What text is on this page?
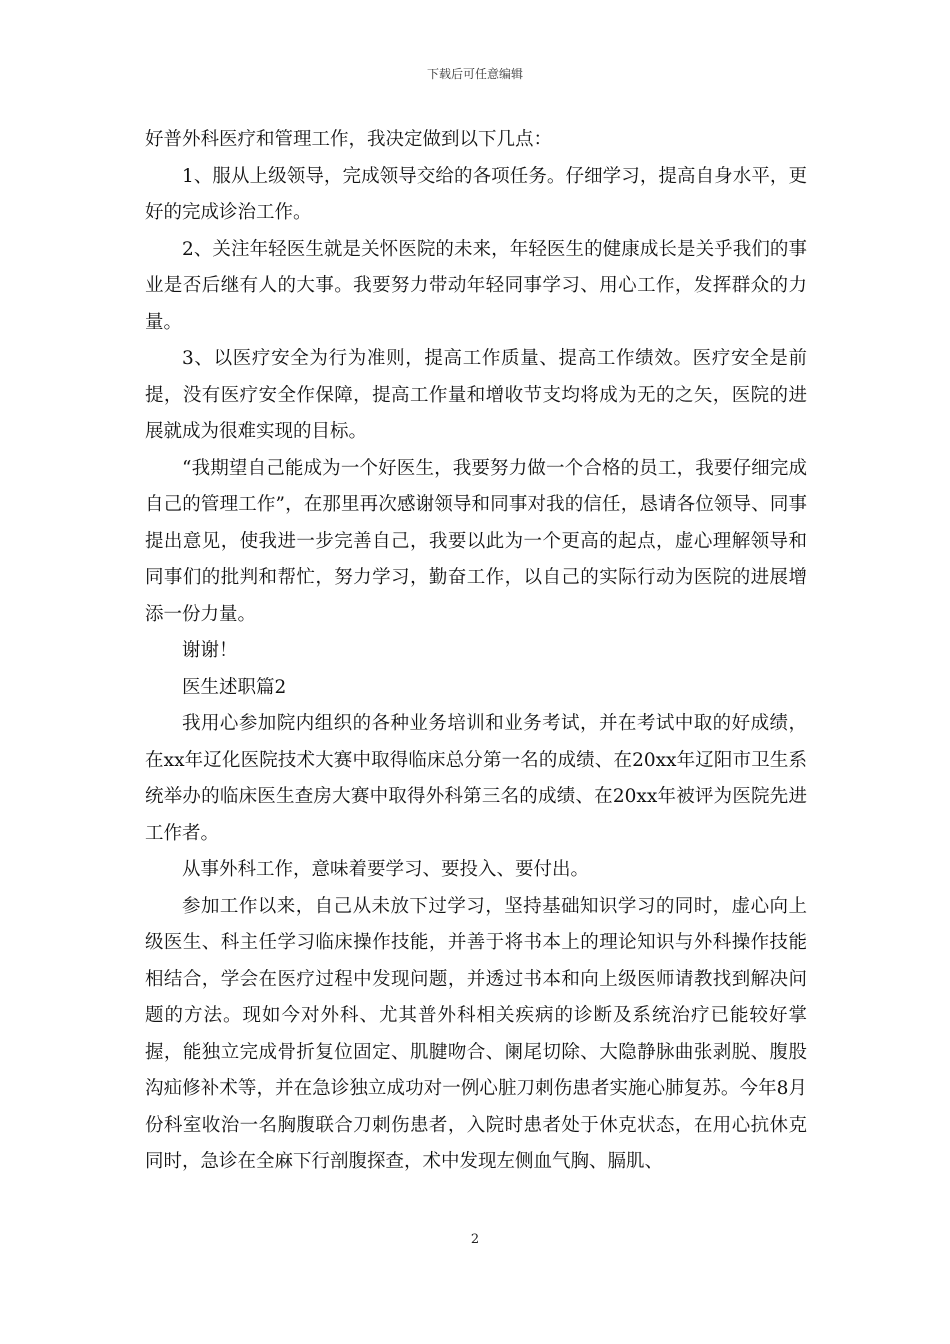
下载后可任意编辑

好普外科医疗和管理工作，我决定做到以下几点：

1、服从上级领导，完成领导交给的各项任务。仔细学习，提高自身水平，更好的完成诊治工作。

2、关注年轻医生就是关怀医院的未来，年轻医生的健康成长是关乎我们的事业是否后继有人的大事。我要努力带动年轻同事学习、用心工作，发挥群众的力量。

3、以医疗安全为行为准则，提高工作质量、提高工作绩效。医疗安全是前提，没有医疗安全作保障，提高工作量和增收节支均将成为无的之矢，医院的进展就成为很难实现的目标。

“我期望自己能成为一个好医生，我要努力做一个合格的员工，我要仔细完成自己的管理工作”，在那里再次感谢领导和同事对我的信任，恳请各位领导、同事提出意见，使我进一步完善自己，我要以此为一个更高的起点，虚心理解领导和同事们的批判和帮忙，努力学习，勤奋工作，以自己的实际行动为医院的进展增添一份力量。

谢谢！

医生述职篇2

我用心参加院内组织的各种业务培训和业务考试，并在考试中取的好成绩，在xx年辽化医院技术大赛中取得临床总分第一名的成绩、在20xx年辽阳市卫生系统举办的临床医生查房大赛中取得外科第三名的成绩、在20xx年被评为医院先进工作者。

从事外科工作，意味着要学习、要投入、要付出。

参加工作以来，自己从未放下过学习，坚持基础知识学习的同时，虚心向上级医生、科主任学习临床操作技能，并善于将书本上的理论知识与外科操作技能相结合，学会在医疗过程中发现问题，并透过书本和向上级医师请教找到解决问题的方法。现如今对外科、尤其普外科相关疾病的诊断及系统治疗已能较好掌握，能独立完成骨折复位固定、肌腱吻合、阑尾切除、大隐静脉曲张剥脱、腹股沟疝修补术等，并在急诊独立成功对一例心脏刀刺伤患者实施心肺复苏。今年8月份科室收治一名胸腹联合刀刺伤患者，入院时患者处于休克状态，在用心抗休克同时，急诊在全麻下行剖腹探查，术中发现左侧血气胸、膈肌、

2
